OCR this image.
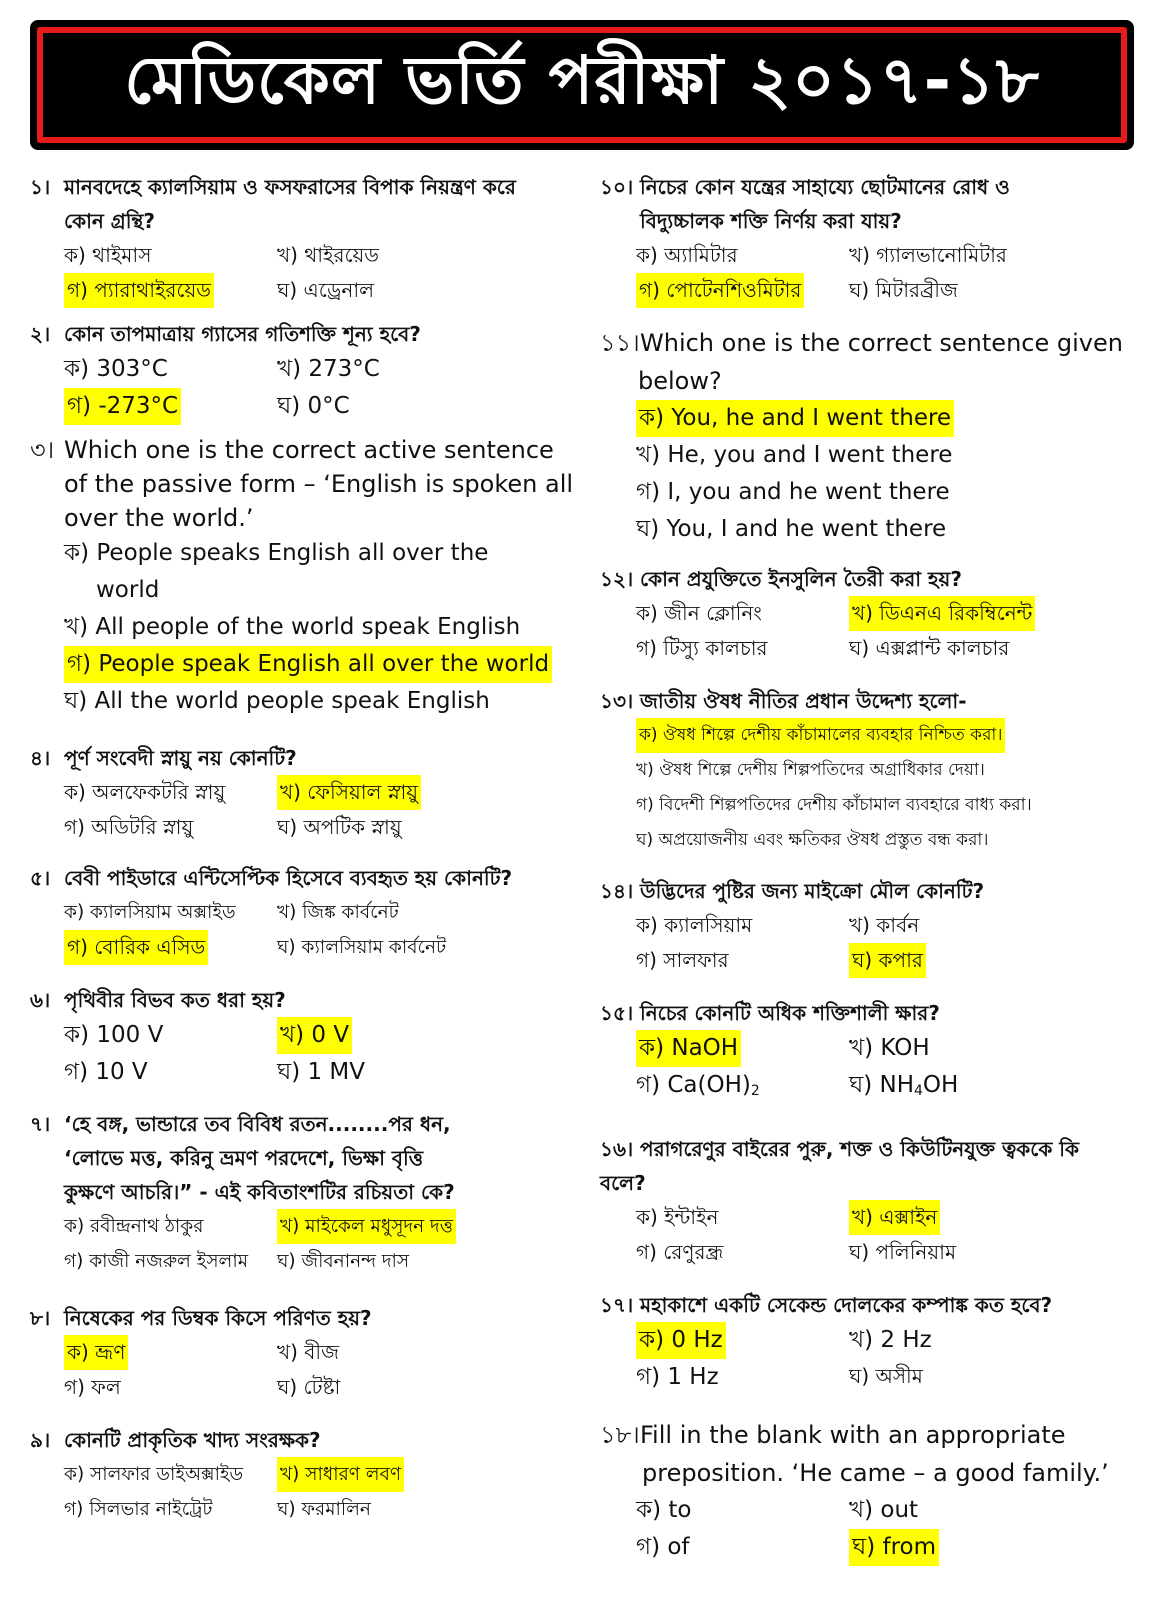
মেডিকেল ভর্তি পরীক্ষা ২০১৭-১৮
১। মানবদেহে ক্যালসিয়াম ও ফসফরাসের বিপাক নিয়ন্ত্রণ করে
কোন গ্রন্থি?
ক) থাইমাস	খ) থাইরয়েড
গ) প্যারাথাইরয়েড	ঘ) এড্রেনাল
২। কোন তাপমাত্রায় গ্যাসের গতিশক্তি শূন্য হবে?
ক) 303°C	খ) 273°C
গ) -273°C	ঘ) 0°C
৩। Which one is the correct active sentence
of the passive form – ‘English is spoken all
over the world.’
ক) People speaks English all over the world
খ) All people of the world speak English
গ) People speak English all over the world
ঘ) All the world people speak English
৪। পূর্ণ সংবেদী স্নায়ু নয় কোনটি?
ক) অলফেকটরি স্নায়ু	খ) ফেসিয়াল স্নায়ু
গ) অডিটরি স্নায়ু	ঘ) অপটিক স্নায়ু
৫। বেবী পাইডারে এন্টিসেপ্টিক হিসেবে ব্যবহৃত হয় কোনটি?
ক) ক্যালসিয়াম অক্সাইড	খ) জিঙ্ক কার্বনেট
গ) বোরিক এসিড	ঘ) ক্যালসিয়াম কার্বনেট
৬। পৃথিবীর বিভব কত ধরা হয়?
ক) 100 V	খ) 0 V
গ) 10 V	ঘ) 1 MV
৭। ‘হে বঙ্গ, ভান্ডারে তব বিবিধ রতন........পর ধন,
‘লোভে মত্ত, করিনু ভ্রমণ পরদেশে, ভিক্ষা বৃত্তি
কুক্ষণে আচরি।” - এই কবিতাংশটির রচিয়তা কে?
ক) রবীন্দ্রনাথ ঠাকুর	খ) মাইকেল মধুসূদন দত্ত
গ) কাজী নজরুল ইসলাম	ঘ) জীবনানন্দ দাস
৮। নিষেকের পর ডিম্বক কিসে পরিণত হয়?
ক) ভ্রূণ	খ) বীজ
গ) ফল	ঘ) টেষ্টা
৯। কোনটি প্রাকৃতিক খাদ্য সংরক্ষক?
ক) সালফার ডাইঅক্সাইড	খ) সাধারণ লবণ
গ) সিলভার নাইট্রেট	ঘ) ফরমালিন
১০। নিচের কোন যন্ত্রের সাহায্যে ছোটমানের রোধ ও
বিদ্যুচ্চালক শক্তি নির্ণয় করা যায়?
ক) অ্যামিটার	খ) গ্যালভানোমিটার
গ) পোটেনশিওমিটার	ঘ) মিটারব্রীজ
১১।Which one is the correct sentence given
below?
ক) You, he and I went there
খ) He, you and I went there
গ) I, you and he went there
ঘ) You, I and he went there
১২। কোন প্রযুক্তিতে ইনসুলিন তৈরী করা হয়?
ক) জীন ক্লোনিং	খ) ডিএনএ রিকম্বিনেন্ট
গ) টিস্যু কালচার	ঘ) এক্সপ্লান্ট কালচার
১৩। জাতীয় ঔষধ নীতির প্রধান উদ্দেশ্য হলো-
ক) ঔষধ শিল্পে দেশীয় কাঁচামালের ব্যবহার নিশ্চিত করা।
খ) ঔষধ শিল্পে দেশীয় শিল্পপতিদের অগ্রাধিকার দেয়া।
গ) বিদেশী শিল্পপতিদের দেশীয় কাঁচামাল ব্যবহারে বাধ্য করা।
ঘ) অপ্রয়োজনীয় এবং ক্ষতিকর ঔষধ প্রস্তুত বন্ধ করা।
১৪। উদ্ভিদের পুষ্টির জন্য মাইক্রো মৌল কোনটি?
ক) ক্যালসিয়াম	খ) কার্বন
গ) সালফার	ঘ) কপার
১৫। নিচের কোনটি অধিক শক্তিশালী ক্ষার?
ক) NaOH	খ) KOH
গ) $Ca(OH)_2$	ঘ) $NH_4OH$
১৬। পরাগরেণুর বাইরের পুরু, শক্ত ও কিউটিনযুক্ত ত্বককে কি
বলে?
ক) ইন্টাইন	খ) এক্সাইন
গ) রেণুরন্ধ্র	ঘ) পলিনিয়াম
১৭। মহাকাশে একটি সেকেন্ড দোলকের কম্পাঙ্ক কত হবে?
ক) 0 Hz	খ) 2 Hz
গ) 1 Hz	ঘ) অসীম
১৮।Fill in the blank with an appropriate
preposition. ‘He came – a good family.’
ক) to	খ) out
গ) of	ঘ) from
